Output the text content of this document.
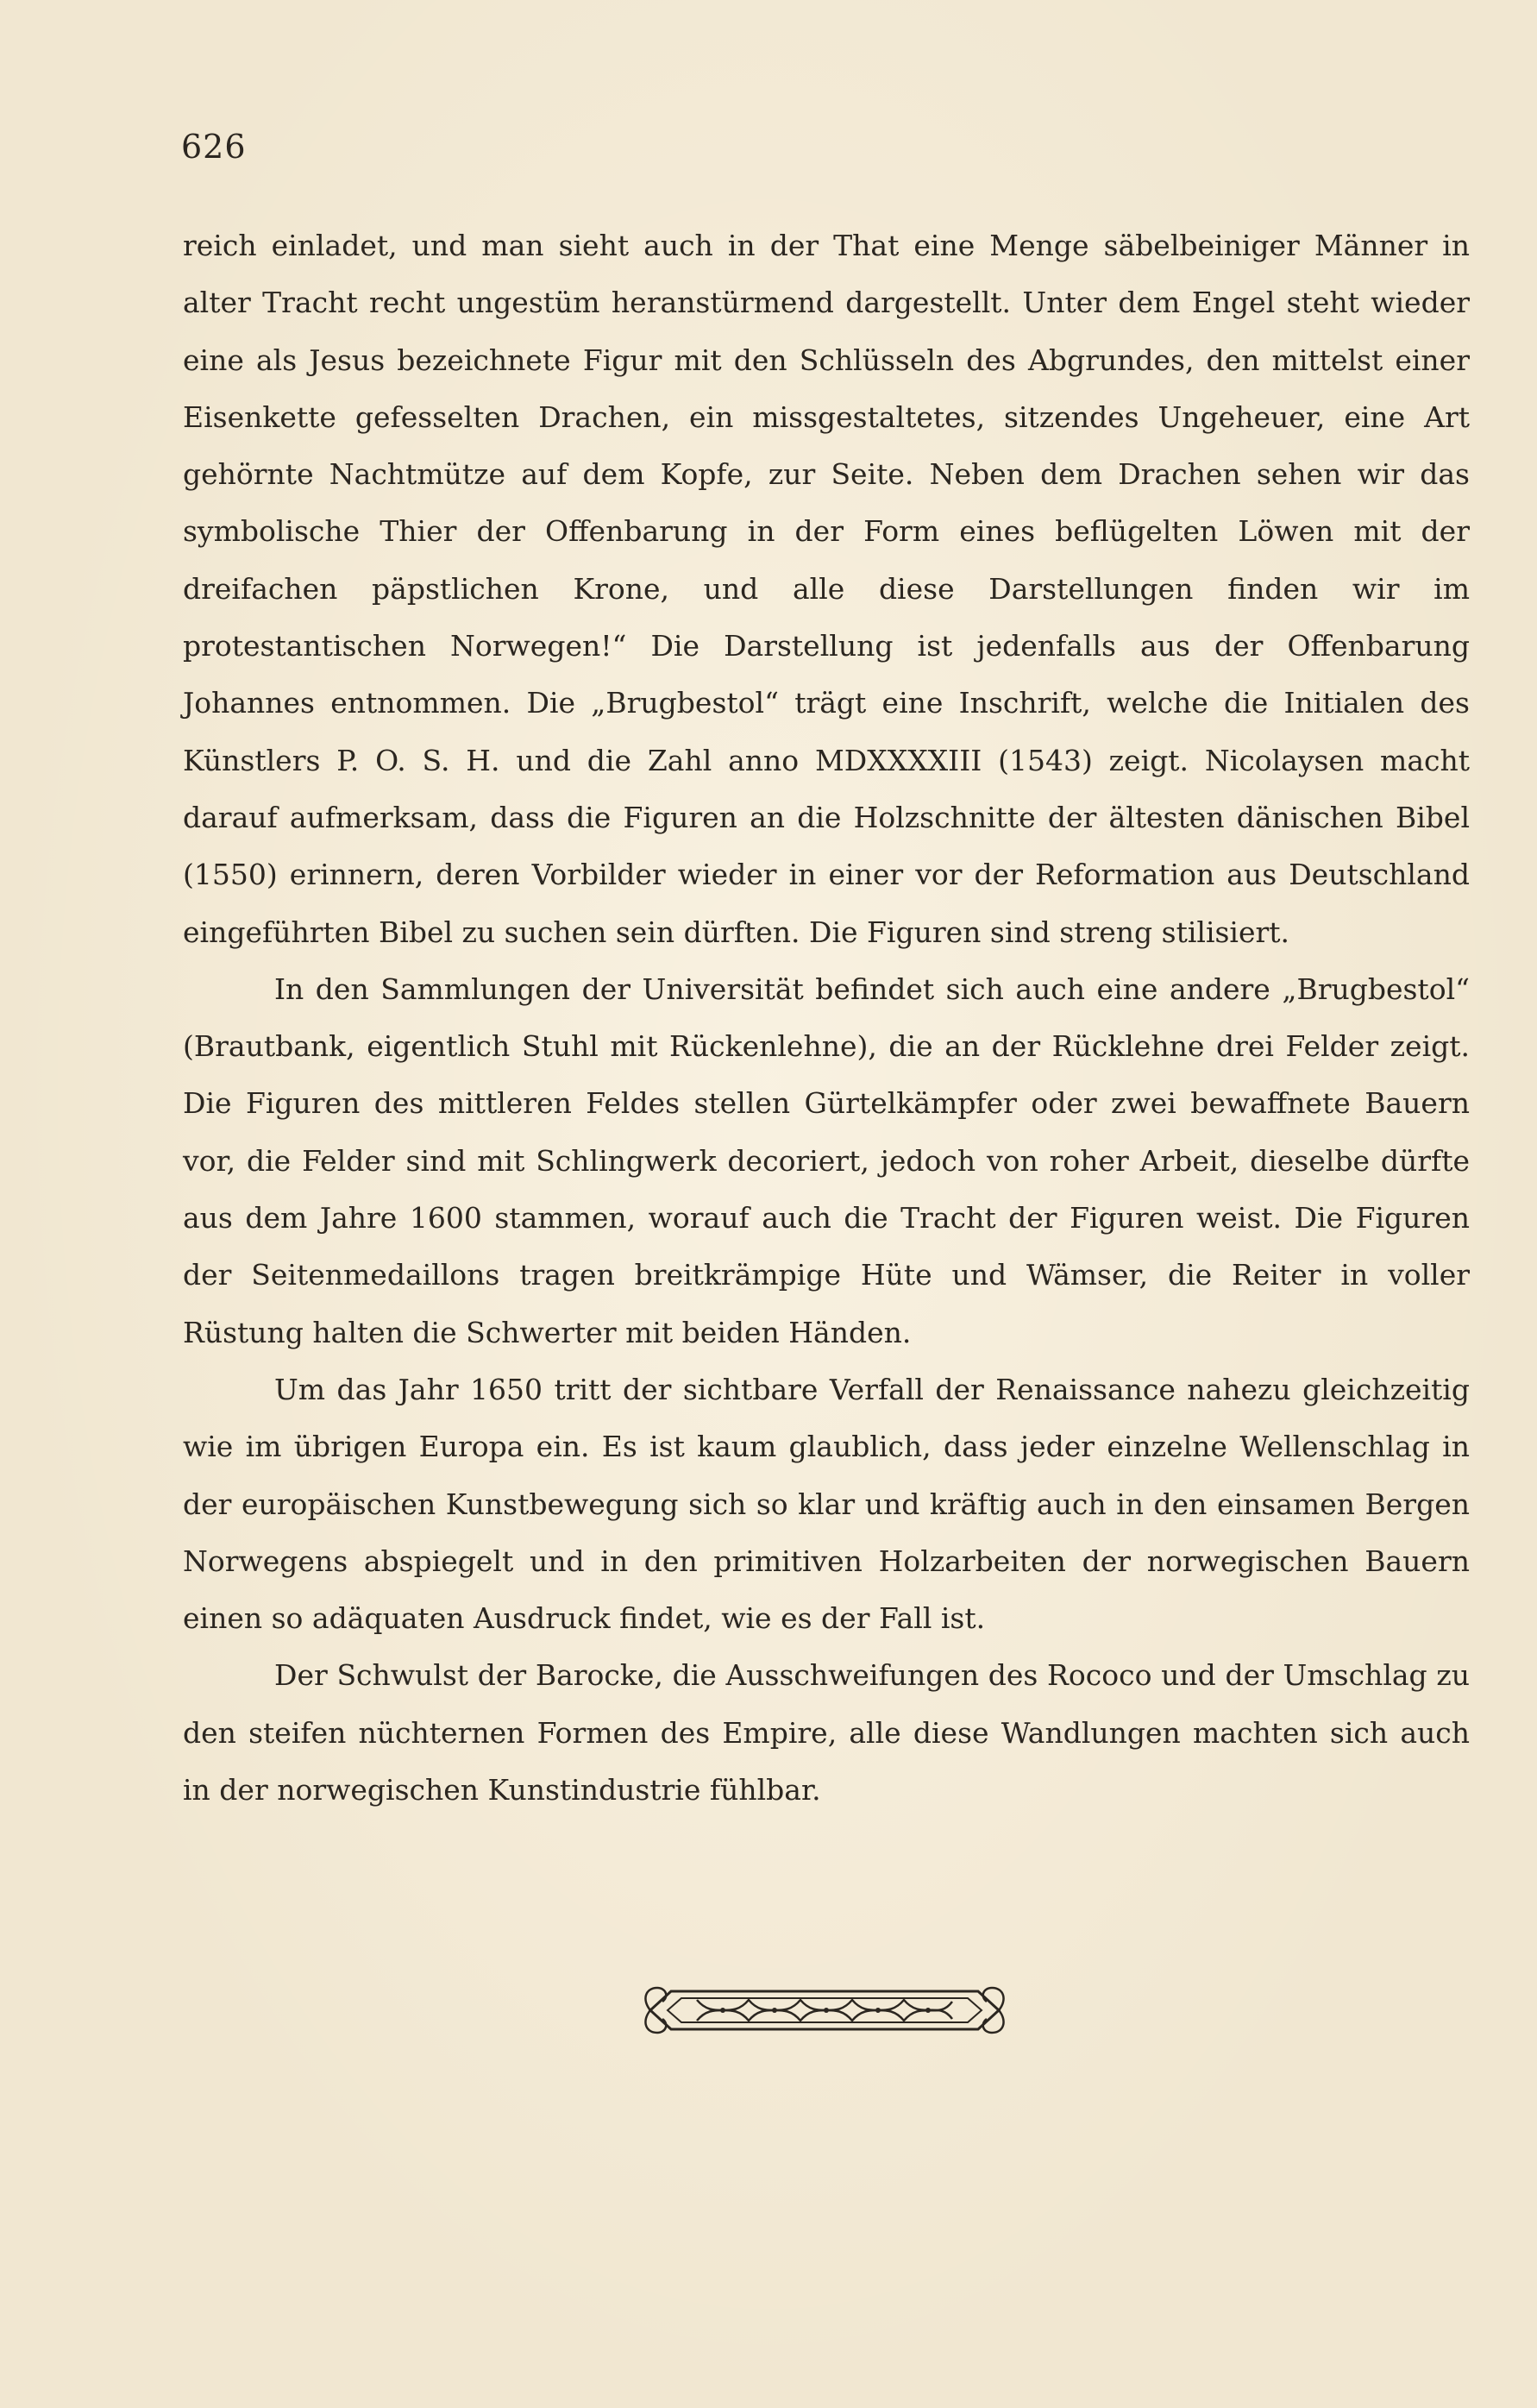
626

reich einladet, und man sieht auch in der That eine Menge säbelbeiniger Männer in alter Tracht recht ungestüm heranstürmend dargestellt. Unter dem Engel steht wieder eine als Jesus bezeichnete Figur mit den Schlüsseln des Abgrundes, den mittelst einer Eisenkette gefesselten Drachen, ein missgestaltetes, sitzendes Ungeheuer, eine Art gehörnte Nachtmütze auf dem Kopfe, zur Seite. Neben dem Drachen sehen wir das symbolische Thier der Offenbarung in der Form eines beflügelten Löwen mit der dreifachen päpstlichen Krone, und alle diese Darstellungen finden wir im protestantischen Norwegen!“ Die Darstellung ist jedenfalls aus der Offenbarung Johannes entnommen. Die „Brugbestol“ trägt eine Inschrift, welche die Initialen des Künstlers P. O. S. H. und die Zahl anno MDXXXXIII (1543) zeigt. Nicolaysen macht darauf aufmerksam, dass die Figuren an die Holzschnitte der ältesten dänischen Bibel (1550) erinnern, deren Vorbilder wieder in einer vor der Reformation aus Deutschland eingeführten Bibel zu suchen sein dürften. Die Figuren sind streng stilisiert.

In den Sammlungen der Universität befindet sich auch eine andere „Brugbestol“ (Brautbank, eigentlich Stuhl mit Rückenlehne), die an der Rücklehne drei Felder zeigt. Die Figuren des mittleren Feldes stellen Gürtelkämpfer oder zwei bewaffnete Bauern vor, die Felder sind mit Schlingwerk decoriert, jedoch von roher Arbeit, dieselbe dürfte aus dem Jahre 1600 stammen, worauf auch die Tracht der Figuren weist. Die Figuren der Seitenmedaillons tragen breitkrämpige Hüte und Wämser, die Reiter in voller Rüstung halten die Schwerter mit beiden Händen.

Um das Jahr 1650 tritt der sichtbare Verfall der Renaissance nahezu gleichzeitig wie im übrigen Europa ein. Es ist kaum glaublich, dass jeder einzelne Wellenschlag in der europäischen Kunstbewegung sich so klar und kräftig auch in den einsamen Bergen Norwegens abspiegelt und in den primitiven Holzarbeiten der norwegischen Bauern einen so adäquaten Ausdruck findet, wie es der Fall ist.

Der Schwulst der Barocke, die Ausschweifungen des Rococo und der Umschlag zu den steifen nüchternen Formen des Empire, alle diese Wandlungen machten sich auch in der norwegischen Kunstindustrie fühlbar.
